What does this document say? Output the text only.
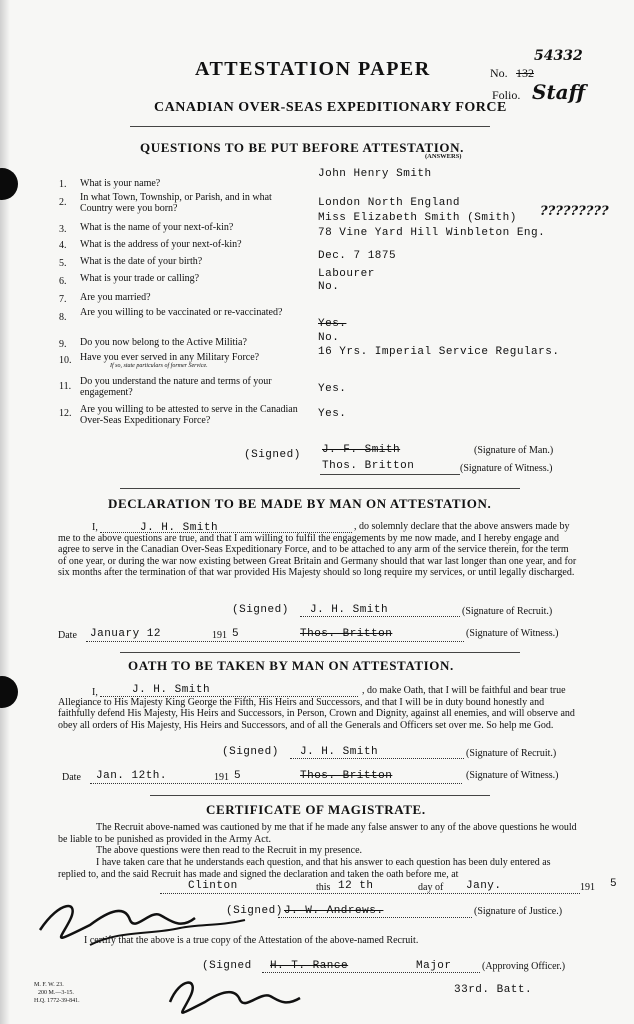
ATTESTATION PAPER	No. 132
54332
Folio. Staff
CANADIAN OVER-SEAS EXPEDITIONARY FORCE
QUESTIONS TO BE PUT BEFORE ATTESTATION.
(ANSWERS)
1. What is your name?
John Henry Smith
2. In what Town, Township, or Parish, and in what Country were you born?	London North England
3. What is the name of your next-of-kin?
Miss Elizabeth Smith (Smith) ?????????
4. What is the address of your next-of-kin?
78 Vine Yard Hill Winbleton Eng.
5. What is the date of your birth?	Dec. 7 1875
6. What is your trade or calling?	Labourer
7. Are you married?
No.
8. Are you willing to be vaccinated or re-vaccinated?
Yes.
9. Do you now belong to the Active Militia?	No.
10. Have you ever served in any Military Force?
If so, state particulars of former Service.
16 Yrs. Imperial Service Regulars.
11. Do you understand the nature and terms of your engagement?	Yes.
12. Are you willing to be attested to serve in the Canadian Over-Seas Expeditionary Force?
Yes.
(Signed) J. F. Smith	(Signature of Man.)
Thos. Britton	(Signature of Witness.)
DECLARATION TO BE MADE BY MAN ON ATTESTATION.
I,	J. H. Smith	, do solemnly declare that the above answers made by me to the above questions are true, and that I am willing to fulfil the engagements by me now made, and I hereby engage and agree to serve in the Canadian Over-Seas Expeditionary Force, and to be attached to any arm of the service therein, for the term of one year, or during the war now existing between Great Britain and Germany should that war last longer than one year, and for six months after the termination of that war provided His Majesty should so long require my services, or until legally discharged.
(Signed) J. H. Smith	(Signature of Recruit.)
Date January 12	191 5	Thos. Britton	(Signature of Witness.)
OATH TO BE TAKEN BY MAN ON ATTESTATION.
I,	J. H. Smith	, do make Oath, that I will be faithful and bear true Allegiance to His Majesty King George the Fifth, His Heirs and Successors, and that I will be in duty bound honestly and faithfully defend His Majesty, His Heirs and Successors, in Person, Crown and Dignity, against all enemies, and will observe and obey all orders of His Majesty, His Heirs and Successors, and of all the Generals and Officers set over me. So help me God.
(Signed) J. H. Smith	(Signature of Recruit.)
Date Jan. 12th.	191 5	Thos. Britton	(Signature of Witness.)
CERTIFICATE OF MAGISTRATE.
The Recruit above-named was cautioned by me that if he made any false answer to any of the above questions he would be liable to be punished as provided in the Army Act.
The above questions were then read to the Recruit in my presence.
I have taken care that he understands each question, and that his answer to each question has been duly entered as replied to, and the said Recruit has made and signed the declaration and taken the oath before me, at
Clinton	this 12 th	day of Jany.	191 5
(Signed) J. W. Andrews.	(Signature of Justice.)
I certify that the above is a true copy of the Attestation of the above-named Recruit.
(Signed H. T. Rance	Major	(Approving Officer.)
33rd. Batt.
M. F. W. 23.
200 M.—3-15.
H.Q. 1772-39-841.
